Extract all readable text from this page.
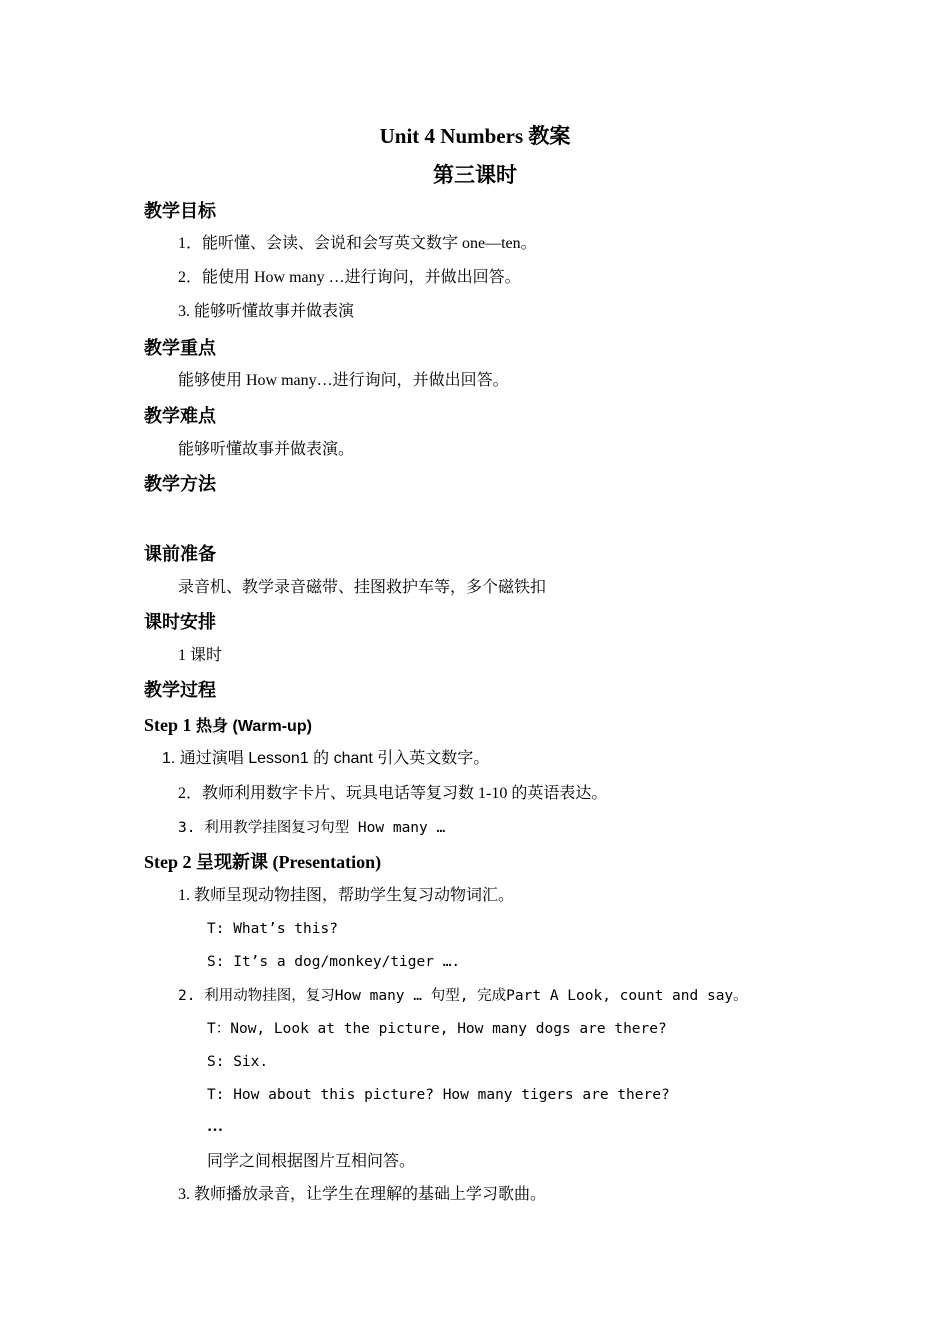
Unit 4 Numbers 教案
第三课时
教学目标
1．能听懂、会读、会说和会写英文数字 one—ten。
2．能使用 How many …进行询问，并做出回答。
3. 能够听懂故事并做表演
教学重点
能够使用 How many…进行询问，并做出回答。
教学难点
能够听懂故事并做表演。
教学方法
课前准备
录音机、教学录音磁带、挂图救护车等，多个磁铁扣
课时安排
1 课时
教学过程
Step 1 热身 (Warm-up)
1. 通过演唱 Lesson1 的 chant 引入英文数字。
2．教师利用数字卡片、玩具电话等复习数 1-10 的英语表达。
3. 利用教学挂图复习句型 How many …
Step 2 呈现新课 (Presentation)
1. 教师呈现动物挂图，帮助学生复习动物词汇。
T: What’s this?
S: It’s a dog/monkey/tiger ….
2. 利用动物挂图，复习How many … 句型, 完成Part A Look, count and say。
T：Now, Look at the picture, How many dogs are there?
S: Six.
T: How about this picture? How many tigers are there?
…
同学之间根据图片互相问答。
3. 教师播放录音，让学生在理解的基础上学习歌曲。
